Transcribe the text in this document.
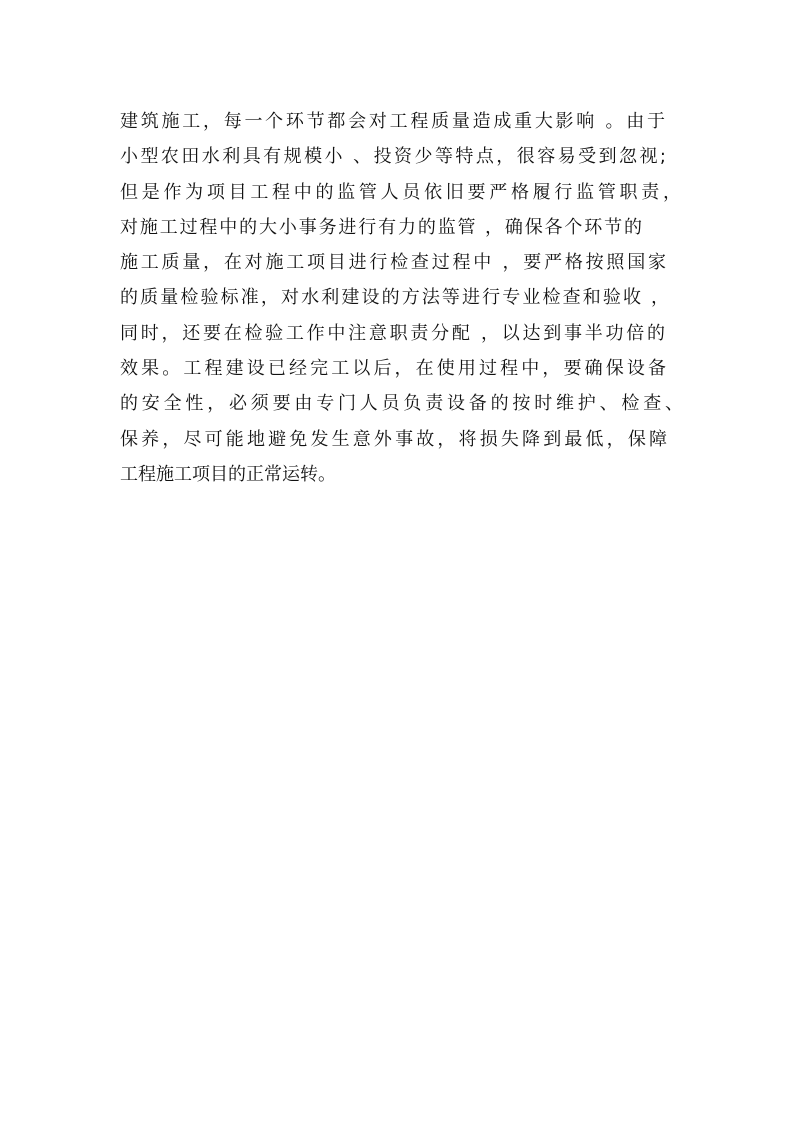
建筑施工，每一个环节都会对工程质量造成重大影响 。由于
小型农田水利具有规模小 、投资少等特点，很容易受到忽视;
但是作为项目工程中的监管人员依旧要严格履行监管职责，
对施工过程中的大小事务进行有力的监管 ，确保各个环节的
施工质量，在对施工项目进行检查过程中 ，要严格按照国家
的质量检验标准，对水利建设的方法等进行专业检查和验收 ，
同时，还要在检验工作中注意职责分配 ，以达到事半功倍的
效果。工程建设已经完工以后，在使用过程中，要确保设备
的安全性，必须要由专门人员负责设备的按时维护、检查、
保养，尽可能地避免发生意外事故，将损失降到最低，保障
工程施工项目的正常运转。
